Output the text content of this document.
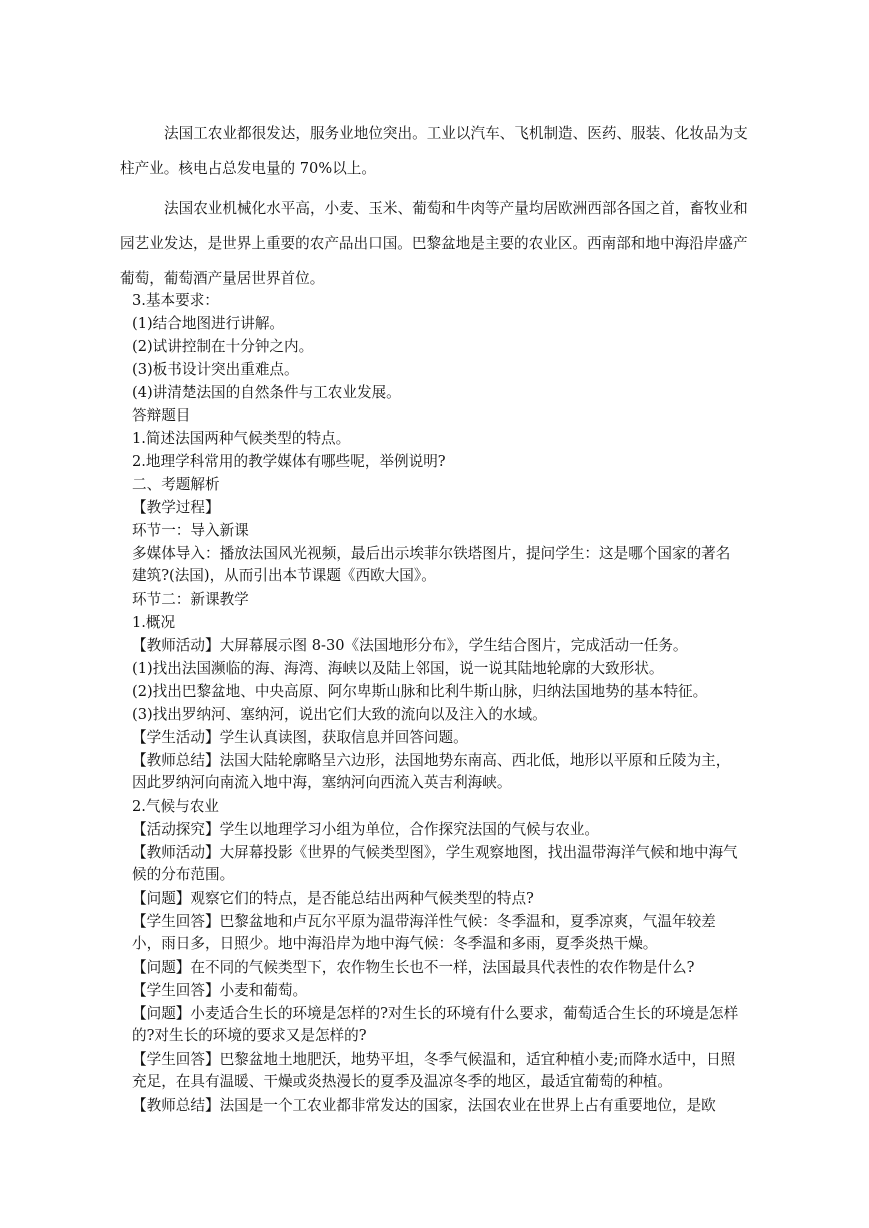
法国工农业都很发达，服务业地位突出。工业以汽车、飞机制造、医药、服装、化妆品为支柱产业。核电占总发电量的 70%以上。
法国农业机械化水平高，小麦、玉米、葡萄和牛肉等产量均居欧洲西部各国之首，畜牧业和园艺业发达，是世界上重要的农产品出口国。巴黎盆地是主要的农业区。西南部和地中海沿岸盛产葡萄，葡萄酒产量居世界首位。
3.基本要求：
(1)结合地图进行讲解。
(2)试讲控制在十分钟之内。
(3)板书设计突出重难点。
(4)讲清楚法国的自然条件与工农业发展。
答辩题目
1.简述法国两种气候类型的特点。
2.地理学科常用的教学媒体有哪些呢，举例说明?
二、考题解析
【教学过程】
环节一：导入新课
多媒体导入：播放法国风光视频，最后出示埃菲尔铁塔图片，提问学生：这是哪个国家的著名建筑?(法国)，从而引出本节课题《西欧大国》。
环节二：新课教学
1.概况
【教师活动】大屏幕展示图 8-30《法国地形分布》，学生结合图片，完成活动一任务。
(1)找出法国濒临的海、海湾、海峡以及陆上邻国，说一说其陆地轮廓的大致形状。
(2)找出巴黎盆地、中央高原、阿尔卑斯山脉和比利牛斯山脉，归纳法国地势的基本特征。
(3)找出罗纳河、塞纳河，说出它们大致的流向以及注入的水域。
【学生活动】学生认真读图，获取信息并回答问题。
【教师总结】法国大陆轮廓略呈六边形，法国地势东南高、西北低，地形以平原和丘陵为主，因此罗纳河向南流入地中海，塞纳河向西流入英吉利海峡。
2.气候与农业
【活动探究】学生以地理学习小组为单位，合作探究法国的气候与农业。
【教师活动】大屏幕投影《世界的气候类型图》，学生观察地图，找出温带海洋气候和地中海气候的分布范围。
【问题】观察它们的特点，是否能总结出两种气候类型的特点?
【学生回答】巴黎盆地和卢瓦尔平原为温带海洋性气候：冬季温和，夏季凉爽，气温年较差小，雨日多，日照少。地中海沿岸为地中海气候：冬季温和多雨，夏季炎热干燥。
【问题】在不同的气候类型下，农作物生长也不一样，法国最具代表性的农作物是什么?
【学生回答】小麦和葡萄。
【问题】小麦适合生长的环境是怎样的?对生长的环境有什么要求，葡萄适合生长的环境是怎样的?对生长的环境的要求又是怎样的?
【学生回答】巴黎盆地土地肥沃，地势平坦，冬季气候温和，适宜种植小麦;而降水适中，日照充足，在具有温暖、干燥或炎热漫长的夏季及温凉冬季的地区，最适宜葡萄的种植。
【教师总结】法国是一个工农业都非常发达的国家，法国农业在世界上占有重要地位，是欧
